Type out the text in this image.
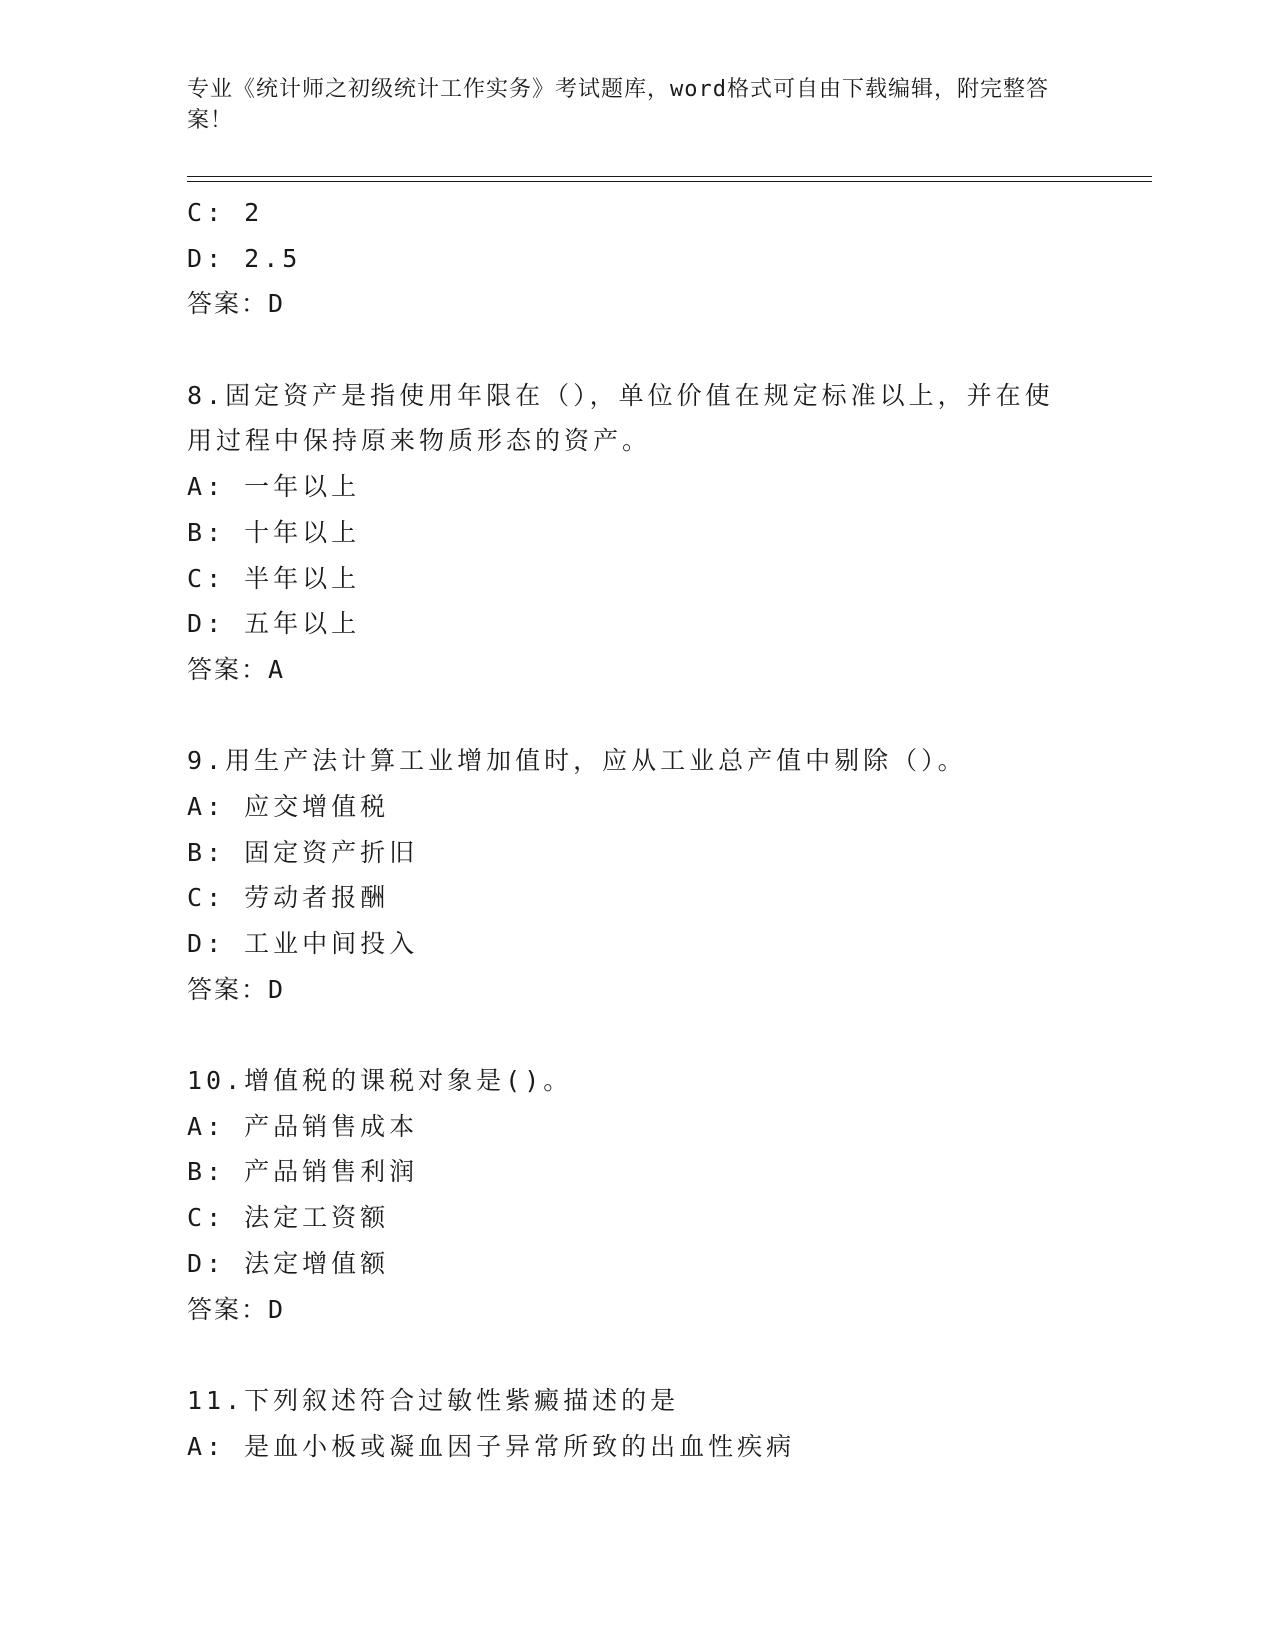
专业《统计师之初级统计工作实务》考试题库，word格式可自由下载编辑，附完整答案！
C: 2
D: 2.5
答案：D
8.固定资产是指使用年限在（），单位价值在规定标准以上，并在使
用过程中保持原来物质形态的资产。
A: 一年以上
B: 十年以上
C: 半年以上
D: 五年以上
答案：A
9.用生产法计算工业增加值时，应从工业总产值中剔除（）。
A: 应交增值税
B: 固定资产折旧
C: 劳动者报酬
D: 工业中间投入
答案：D
10.增值税的课税对象是()。
A: 产品销售成本
B: 产品销售利润
C: 法定工资额
D: 法定增值额
答案：D
11.下列叙述符合过敏性紫癜描述的是
A: 是血小板或凝血因子异常所致的出血性疾病
